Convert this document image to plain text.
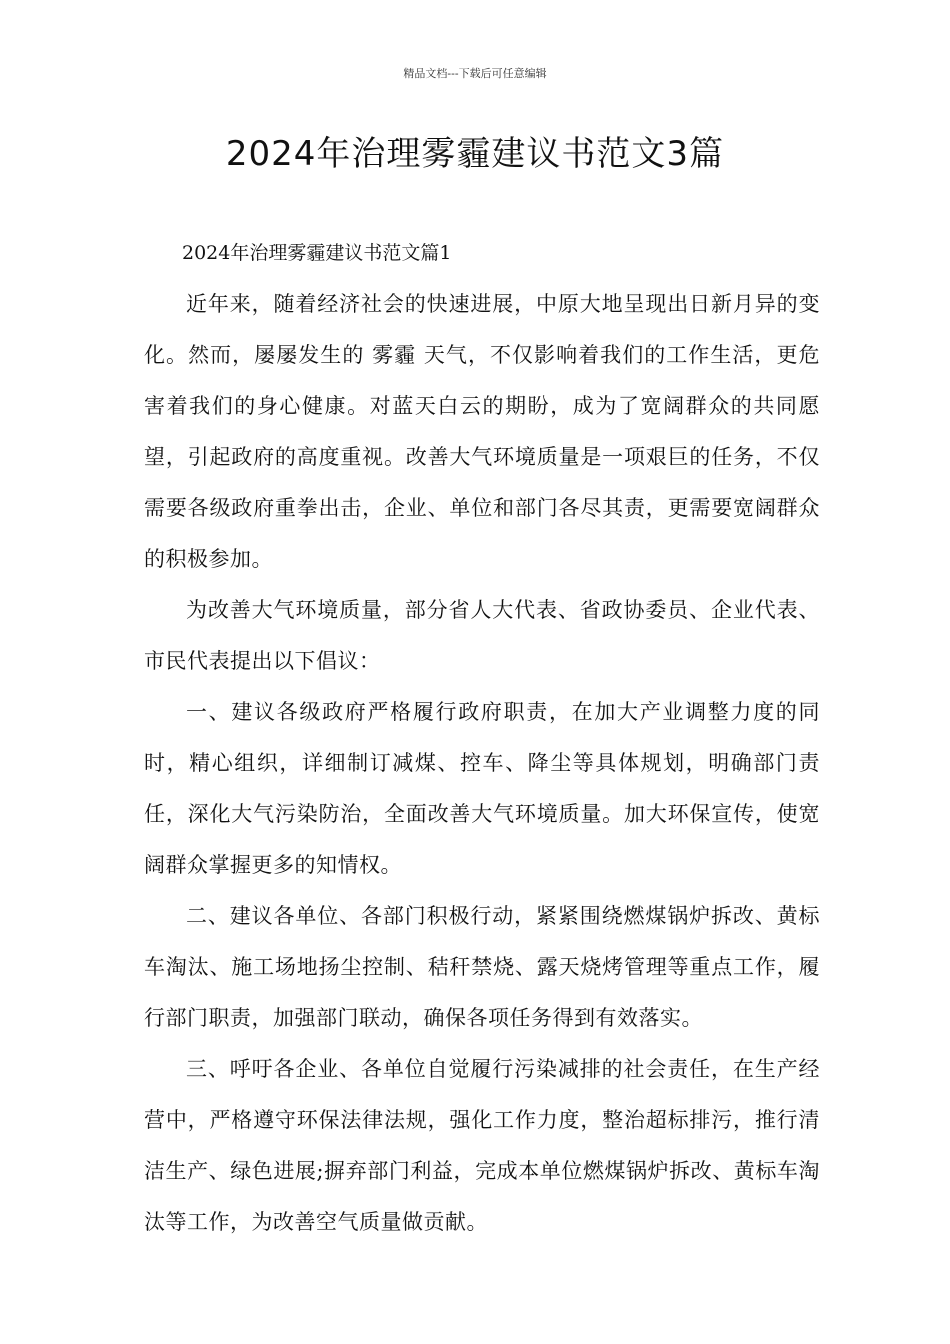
精品文档---下载后可任意编辑
2024年治理雾霾建议书范文3篇

2024年治理雾霾建议书范文篇1

近年来，随着经济社会的快速进展，中原大地呈现出日新月异的变化。然而，屡屡发生的 雾霾 天气，不仅影响着我们的工作生活，更危害着我们的身心健康。对蓝天白云的期盼，成为了宽阔群众的共同愿望，引起政府的高度重视。改善大气环境质量是一项艰巨的任务，不仅需要各级政府重拳出击，企业、单位和部门各尽其责，更需要宽阔群众的积极参加。

为改善大气环境质量，部分省人大代表、省政协委员、企业代表、市民代表提出以下倡议：

一、建议各级政府严格履行政府职责，在加大产业调整力度的同时，精心组织，详细制订减煤、控车、降尘等具体规划，明确部门责任，深化大气污染防治，全面改善大气环境质量。加大环保宣传，使宽阔群众掌握更多的知情权。

二、建议各单位、各部门积极行动，紧紧围绕燃煤锅炉拆改、黄标车淘汰、施工场地扬尘控制、秸秆禁烧、露天烧烤管理等重点工作，履行部门职责，加强部门联动，确保各项任务得到有效落实。

三、呼吁各企业、各单位自觉履行污染减排的社会责任，在生产经营中，严格遵守环保法律法规，强化工作力度，整治超标排污，推行清洁生产、绿色进展;摒弃部门利益，完成本单位燃煤锅炉拆改、黄标车淘汰等工作，为改善空气质量做贡献。
